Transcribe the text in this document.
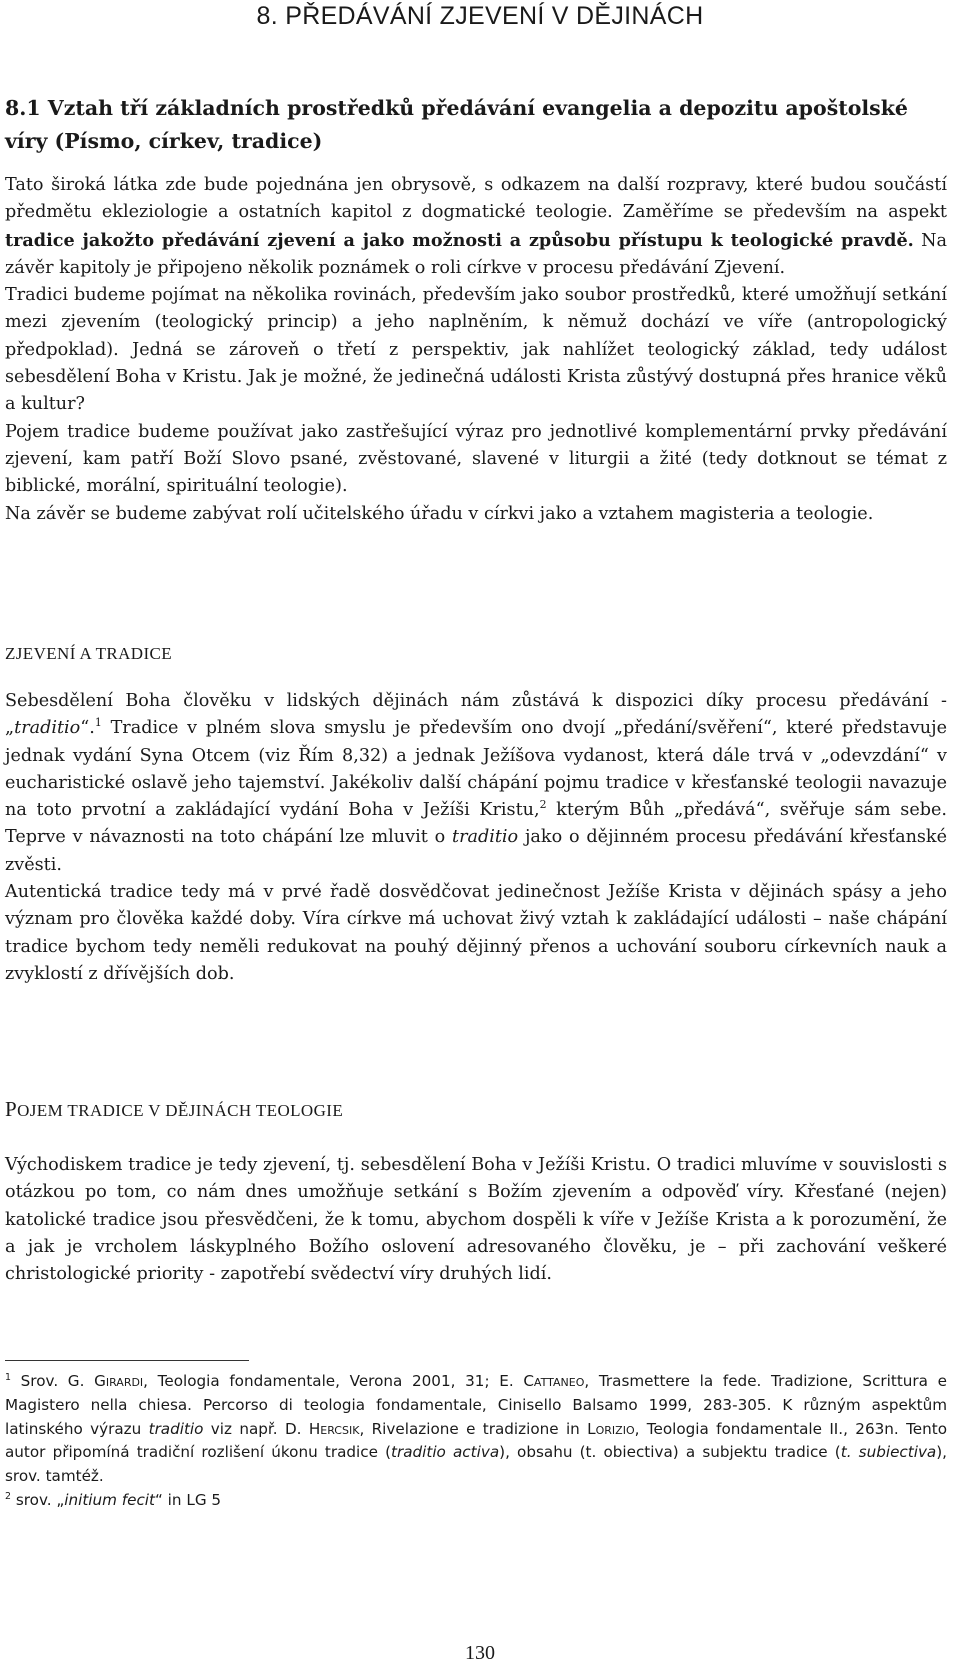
8. PŘEDÁVÁNÍ ZJEVENÍ V DĚJINÁCH
8.1 Vztah tří základních prostředků předávání evangelia a depozitu apoštolské víry (Písmo, církev, tradice)

Tato široká látka zde bude pojednána jen obrysově, s odkazem na další rozpravy, které budou součástí předmětu ekleziologie a ostatních kapitol z dogmatické teologie. Zaměříme se především na aspekt tradice jakožto předávání zjevení a jako možnosti a způsobu přístupu k teologické pravdě. Na závěr kapitoly je připojeno několik poznámek o roli církve v procesu předávání Zjevení.

Tradici budeme pojímat na několika rovinách, především jako soubor prostředků, které umožňují setkání mezi zjevením (teologický princip) a jeho naplněním, k němuž dochází ve víře (antropologický předpoklad). Jedná se zároveň o třetí z perspektiv, jak nahlížet teologický základ, tedy událost sebesdělení Boha v Kristu. Jak je možné, že jedinečná události Krista zůstývý dostupná přes hranice věků a kultur?

Pojem tradice budeme používat jako zastřešující výraz pro jednotlivé komplementární prvky předávání zjevení, kam patří Boží Slovo psané, zvěstované, slavené v liturgii a žité (tedy dotknout se témat z biblické, morální, spirituální teologie).

Na závěr se budeme zabývat rolí učitelského úřadu v církvi jako a vztahem magisteria a teologie.

ZJEVENÍ A TRADICE

Sebesdělení Boha člověku v lidských dějinách nám zůstává k dispozici díky procesu předávání - „traditio“.$^1$ Tradice v plném slova smyslu je především ono dvojí „předání/svěření“, které představuje jednak vydání Syna Otcem (viz Řím 8,32) a jednak Ježíšova vydanost, která dále trvá v „odevzdání“ v eucharistické oslavě jeho tajemství. Jakékoliv další chápání pojmu tradice v křesťanské teologii navazuje na toto prvotní a zakládající vydání Boha v Ježíši Kristu,$^2$ kterým Bůh „předává“, svěřuje sám sebe. Teprve v návaznosti na toto chápání lze mluvit o traditio jako o dějinném procesu předávání křesťanské zvěsti.

Autentická tradice tedy má v prvé řadě dosvědčovat jedinečnost Ježíše Krista v dějinách spásy a jeho význam pro člověka každé doby. Víra církve má uchovat živý vztah k zakládající události – naše chápání tradice bychom tedy neměli redukovat na pouhý dějinný přenos a uchování souboru církevních nauk a zvyklostí z dřívějších dob.

POJEM TRADICE V DĚJINÁCH TEOLOGIE

Východiskem tradice je tedy zjevení, tj. sebesdělení Boha v Ježíši Kristu. O tradici mluvíme v souvislosti s otázkou po tom, co nám dnes umožňuje setkání s Božím zjevením a odpověď víry. Křesťané (nejen) katolické tradice jsou přesvědčeni, že k tomu, abychom dospěli k víře v Ježíše Krista a k porozumění, že a jak je vrcholem láskyplného Božího oslovení adresovaného člověku, je – při zachování veškeré christologické priority - zapotřebí svědectví víry druhých lidí.

$^1$ Srov. G. Girardi, Teologia fondamentale, Verona 2001, 31; E. Cattaneo, Trasmettere la fede. Tradizione, Scrittura e Magistero nella chiesa. Percorso di teologia fondamentale, Cinisello Balsamo 1999, 283-305. K různým aspektům latinského výrazu traditio viz např. D. Hercsik, Rivelazione e tradizione in Lorizio, Teologia fondamentale II., 263n. Tento autor připomíná tradiční rozlišení úkonu tradice (traditio activa), obsahu (t. obiectiva) a subjektu tradice (t. subiectiva), srov. tamtéž.

$^2$ srov. „initium fecit“ in LG 5

130
